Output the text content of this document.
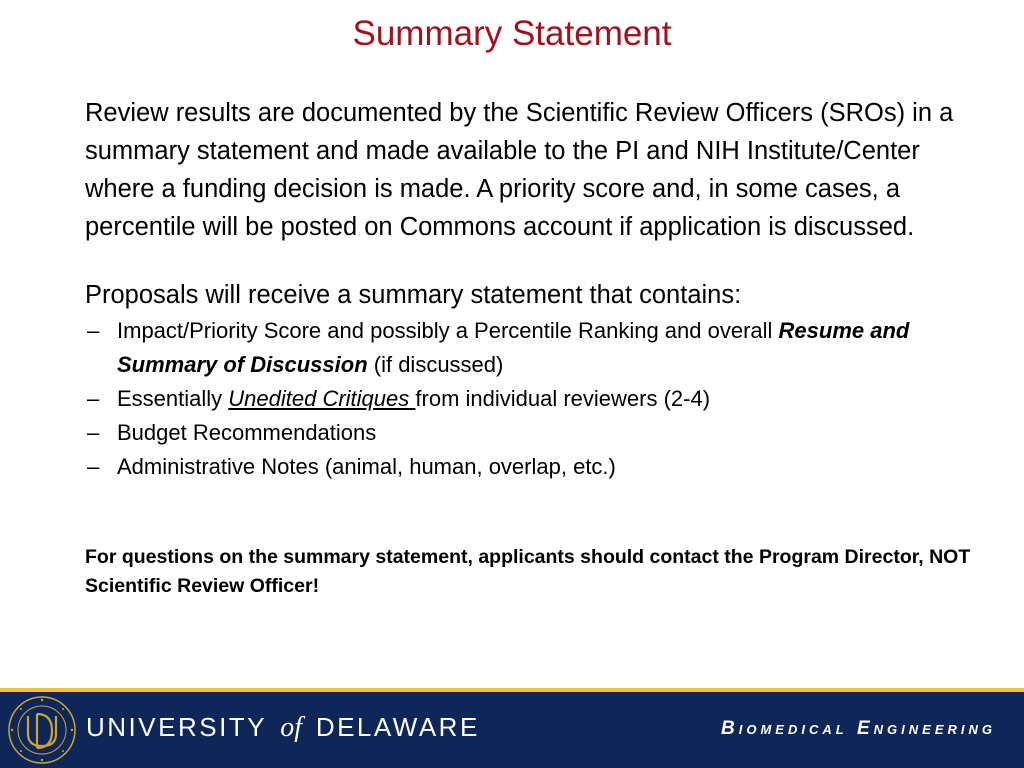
Summary Statement

Review results are documented by the Scientific Review Officers (SROs) in a summary statement and made available to the PI and NIH Institute/Center where a funding decision is made. A priority score and, in some cases, a percentile will be posted on Commons account if application is discussed.

Proposals will receive a summary statement that contains:

– Impact/Priority Score and possibly a Percentile Ranking and overall Resume and Summary of Discussion (if discussed)
– Essentially Unedited Critiques from individual reviewers (2-4)
– Budget Recommendations
– Administrative Notes (animal, human, overlap, etc.)
For questions on the summary statement, applicants should contact the Program Director, NOT Scientific Review Officer!
UNIVERSITY of DELAWARE	Biomedical Engineering
